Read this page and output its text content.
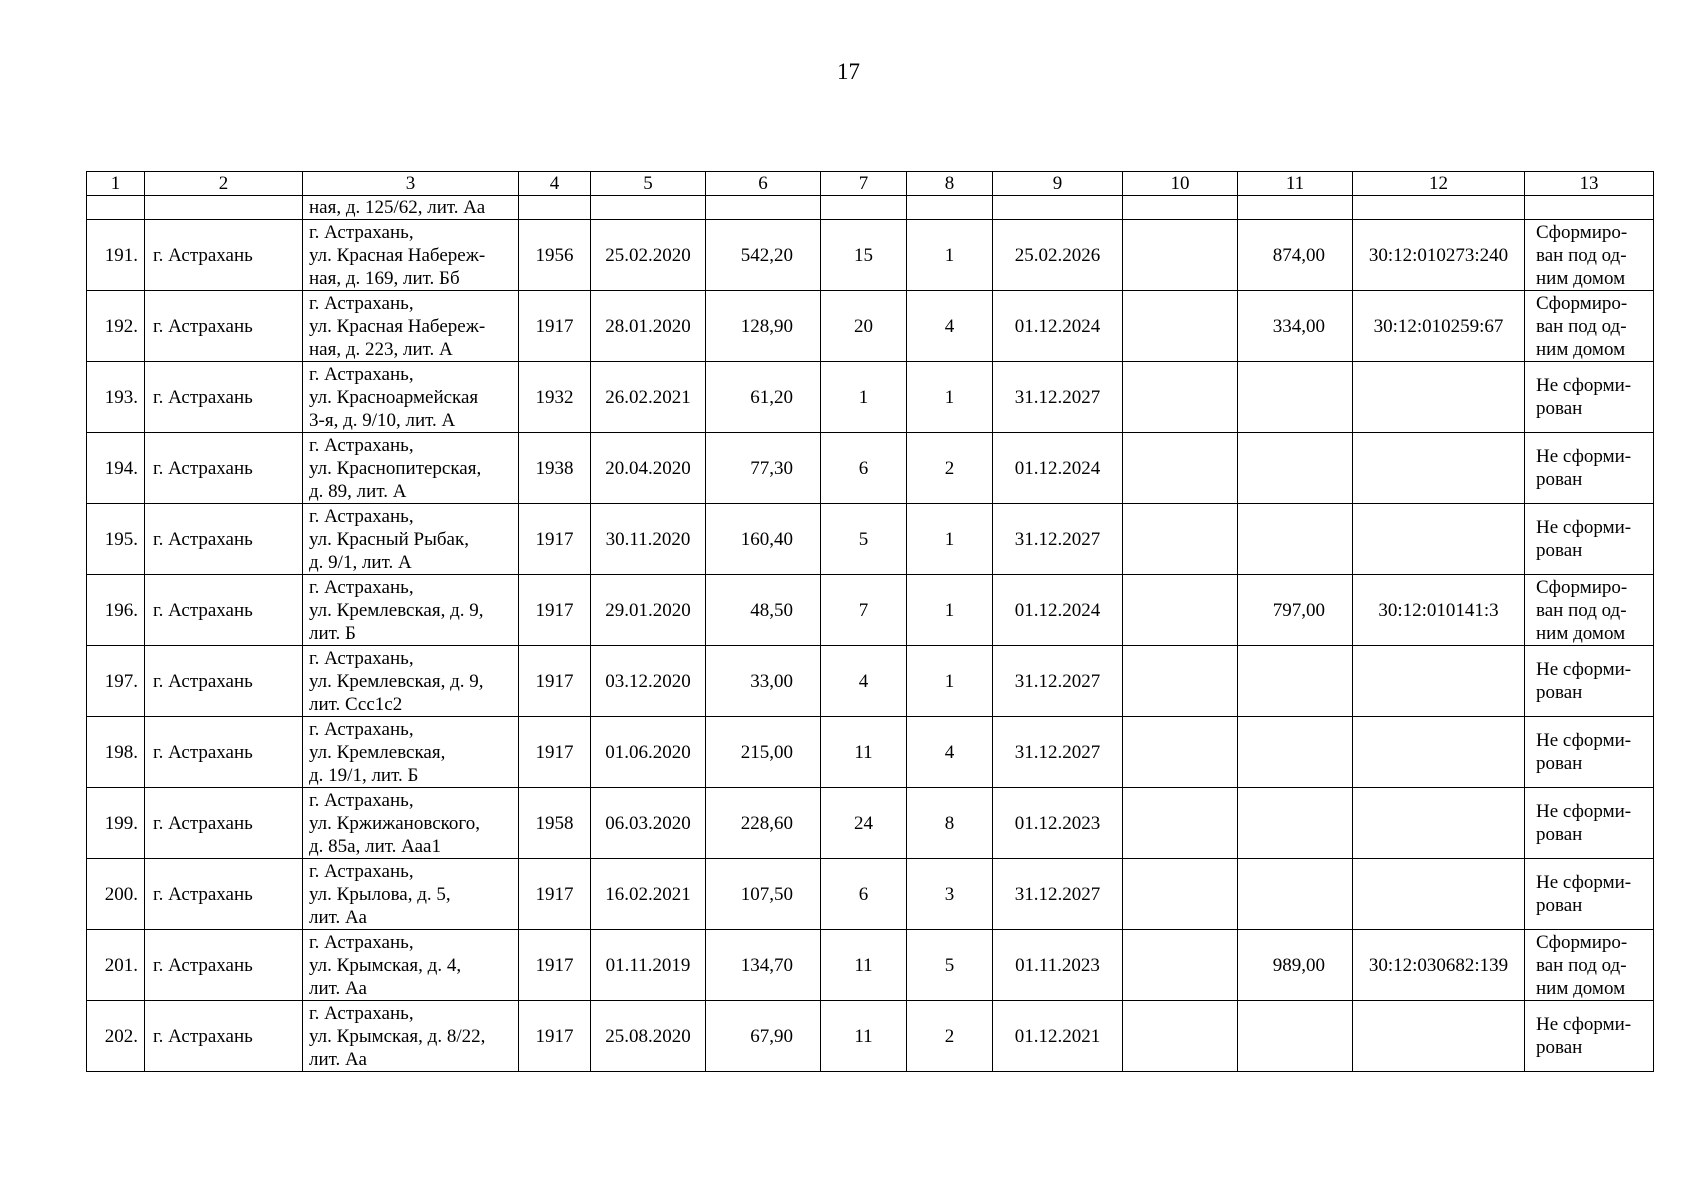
17
1	2	3	4	5	6	7	8	9	10	11	12	13
		ная, д. 125/62, лит. Аа										
191.	г. Астрахань	г. Астрахань,
ул. Красная Набереж-
ная, д. 169, лит. Бб	1956	25.02.2020	542,20	15	1	25.02.2026		874,00	30:12:010273:240	Сформиро-
ван под од-
ним домом
192.	г. Астрахань	г. Астрахань,
ул. Красная Набереж-
ная, д. 223, лит. А	1917	28.01.2020	128,90	20	4	01.12.2024		334,00	30:12:010259:67	Сформиро-
ван под од-
ним домом
193.	г. Астрахань	г. Астрахань,
ул. Красноармейская
3-я, д. 9/10, лит. А	1932	26.02.2021	61,20	1	1	31.12.2027				Не сформи-
рован
194.	г. Астрахань	г. Астрахань,
ул. Краснопитерская,
д. 89, лит. А	1938	20.04.2020	77,30	6	2	01.12.2024				Не сформи-
рован
195.	г. Астрахань	г. Астрахань,
ул. Красный Рыбак,
д. 9/1, лит. А	1917	30.11.2020	160,40	5	1	31.12.2027				Не сформи-
рован
196.	г. Астрахань	г. Астрахань,
ул. Кремлевская, д. 9,
лит. Б	1917	29.01.2020	48,50	7	1	01.12.2024		797,00	30:12:010141:3	Сформиро-
ван под од-
ним домом
197.	г. Астрахань	г. Астрахань,
ул. Кремлевская, д. 9,
лит. Ссс1с2	1917	03.12.2020	33,00	4	1	31.12.2027				Не сформи-
рован
198.	г. Астрахань	г. Астрахань,
ул. Кремлевская,
д. 19/1, лит. Б	1917	01.06.2020	215,00	11	4	31.12.2027				Не сформи-
рован
199.	г. Астрахань	г. Астрахань,
ул. Кржижановского,
д. 85а, лит. Ааа1	1958	06.03.2020	228,60	24	8	01.12.2023				Не сформи-
рован
200.	г. Астрахань	г. Астрахань,
ул. Крылова, д. 5,
лит. Аа	1917	16.02.2021	107,50	6	3	31.12.2027				Не сформи-
рован
201.	г. Астрахань	г. Астрахань,
ул. Крымская, д. 4,
лит. Аа	1917	01.11.2019	134,70	11	5	01.11.2023		989,00	30:12:030682:139	Сформиро-
ван под од-
ним домом
202.	г. Астрахань	г. Астрахань,
ул. Крымская, д. 8/22,
лит. Аа	1917	25.08.2020	67,90	11	2	01.12.2021				Не сформи-
рован
